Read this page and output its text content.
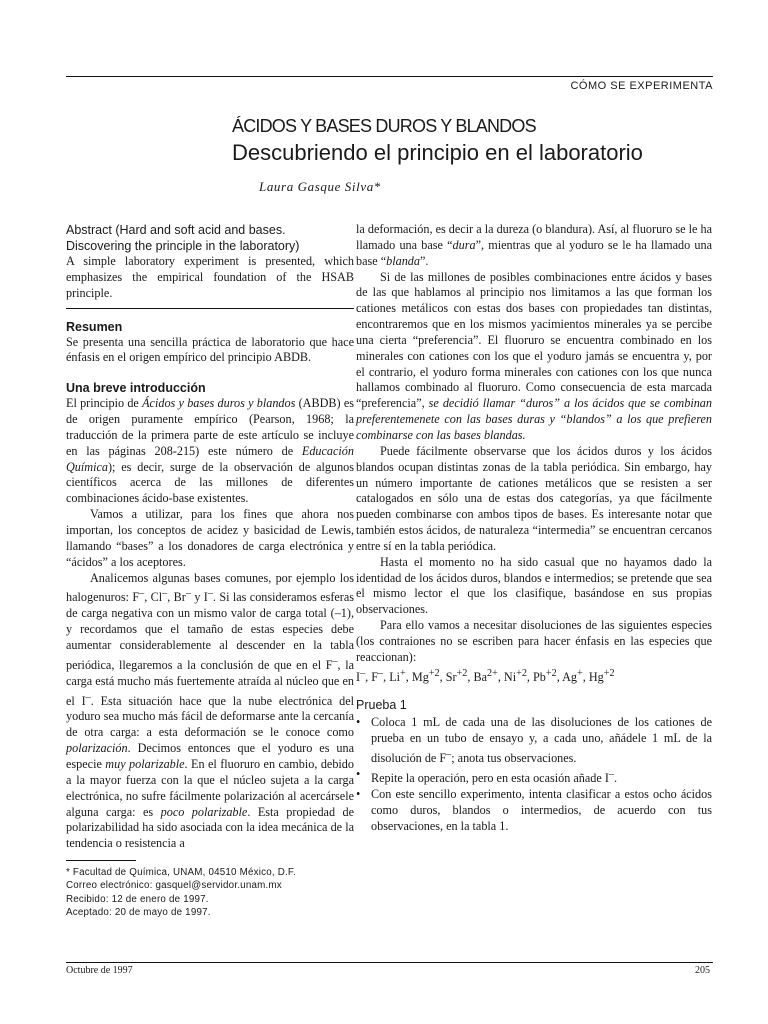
CÓMO SE EXPERIMENTA
ÁCIDOS Y BASES DUROS Y BLANDOS
Descubriendo el principio en el laboratorio
Laura Gasque Silva*
Abstract (Hard and soft acid and bases.
Discovering the principle in the laboratory)

A simple laboratory experiment is presented, which emphasizes the empirical foundation of the HSAB principle.

Resumen

Se presenta una sencilla práctica de laboratorio que hace énfasis en el origen empírico del principio ABDB.

Una breve introducción

El principio de Ácidos y bases duros y blandos (ABDB) es de origen puramente empírico (Pearson, 1968; la traducción de la primera parte de este artículo se incluye en las páginas 208-215) este número de Educación Química); es decir, surge de la observación de algunos científicos acerca de las millones de diferentes combinaciones ácido-base existentes.

Vamos a utilizar, para los fines que ahora nos importan, los conceptos de acidez y basicidad de Lewis, llamando “bases” a los donadores de carga electrónica y “ácidos” a los aceptores.

Analicemos algunas bases comunes, por ejemplo los halogenuros: F–, Cl–, Br– y I–. Si las consideramos esferas de carga negativa con un mismo valor de carga total (–1), y recordamos que el tamaño de estas especies debe aumentar considerablemente al descender en la tabla periódica, llegaremos a la conclusión de que en el F–, la carga está mucho más fuertemente atraída al núcleo que en el I–. Esta situación hace que la nube electrónica del yoduro sea mucho más fácil de deformarse ante la cercanía de otra carga: a esta deformación se le conoce como polarización. Decimos entonces que el yoduro es una especie muy polarizable. En el fluoruro en cambio, debido a la mayor fuerza con la que el núcleo sujeta a la carga electrónica, no sufre fácilmente polarización al acercársele alguna carga: es poco polarizable. Esta propiedad de polarizabilidad ha sido asociada con la idea mecánica de la tendencia o resistencia a

la deformación, es decir a la dureza (o blandura). Así, al fluoruro se le ha llamado una base “dura”, mientras que al yoduro se le ha llamado una base “blanda”.

Si de las millones de posibles combinaciones entre ácidos y bases de las que hablamos al principio nos limitamos a las que forman los cationes metálicos con estas dos bases con propiedades tan distintas, encontraremos que en los mismos yacimientos minerales ya se percibe una cierta “preferencia”. El fluoruro se encuentra combinado en los minerales con cationes con los que el yoduro jamás se encuentra y, por el contrario, el yoduro forma minerales con cationes con los que nunca hallamos combinado al fluoruro. Como consecuencia de esta marcada “preferencia”, se decidió llamar “duros” a los ácidos que se combinan preferentemenete con las bases duras y “blandos” a los que prefieren combinarse con las bases blandas.

Puede fácilmente observarse que los ácidos duros y los ácidos blandos ocupan distintas zonas de la tabla periódica. Sin embargo, hay un número importante de cationes metálicos que se resisten a ser catalogados en sólo una de estas dos categorías, ya que fácilmente pueden combinarse con ambos tipos de bases. Es interesante notar que también estos ácidos, de naturaleza “intermedia” se encuentran cercanos entre sí en la tabla periódica.

Hasta el momento no ha sido casual que no hayamos dado la identidad de los ácidos duros, blandos e intermedios; se pretende que sea el mismo lector el que los clasifique, basándose en sus propias observaciones.

Para ello vamos a necesitar disoluciones de las siguientes especies (los contraiones no se escriben para hacer énfasis en las especies que reaccionan):

I–, F–, Li+, $Mg^{+2}$, $Sr^{+2}$, $Ba^{2+}$, $Ni^{+2}$, $Pb^{+2}$, Ag+, $Hg^{+2}$

Prueba 1
• Coloca 1 mL de cada una de las disoluciones de los cationes de prueba en un tubo de ensayo y, a cada uno, añádele 1 mL de la disolución de F–; anota tus observaciones.
• Repite la operación, pero en esta ocasión añade I–.
• Con este sencillo experimento, intenta clasificar a estos ocho ácidos como duros, blandos o intermedios, de acuerdo con tus observaciones, en la tabla 1.
* Facultad de Química, UNAM, 04510 México, D.F.
Correo electrónico: gasquel@servidor.unam.mx
Recibido: 12 de enero de 1997.
Aceptado: 20 de mayo de 1997.
Octubre de 1997	205
